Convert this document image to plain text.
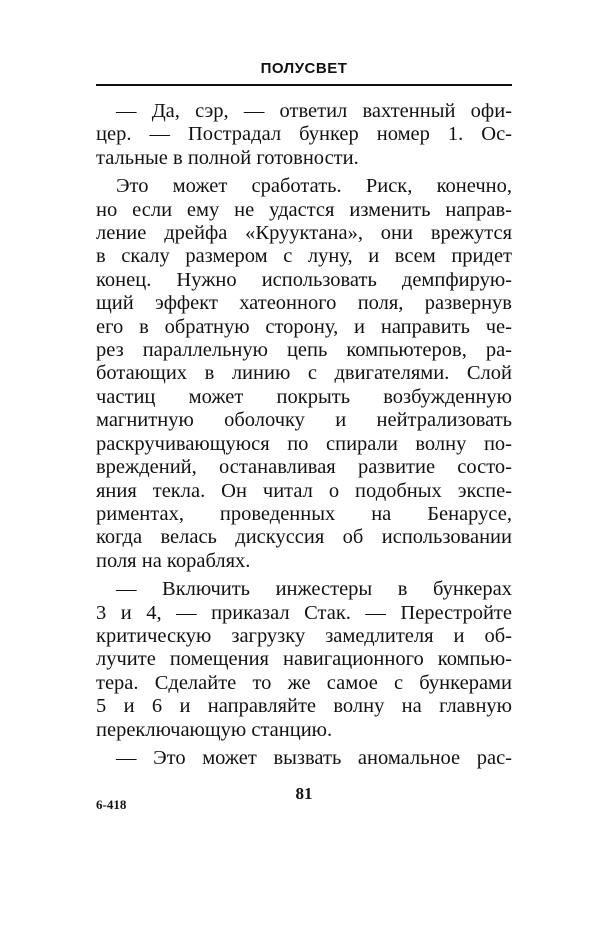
ПОЛУСВЕТ
— Да, сэр, — ответил вахтенный офи-
цер. — Пострадал бункер номер 1. Ос-
тальные в полной готовности.
Это может сработать. Риск, конечно,
но если ему не удастся изменить направ-
ление дрейфа «Крууктана», они врежутся
в скалу размером с луну, и всем придет
конец. Нужно использовать демпфирую-
щий эффект хатеонного поля, развернув
его в обратную сторону, и направить че-
рез параллельную цепь компьютеров, ра-
ботающих в линию с двигателями. Слой
частиц может покрыть возбужденную
магнитную оболочку и нейтрализовать
раскручивающуюся по спирали волну по-
вреждений, останавливая развитие состо-
яния текла. Он читал о подобных экспе-
риментах, проведенных на Бенарусе,
когда велась дискуссия об использовании
поля на кораблях.
— Включить инжестеры в бункерах
3 и 4, — приказал Стак. — Перестройте
критическую загрузку замедлителя и об-
лучите помещения навигационного компью-
тера. Сделайте то же самое с бункерами
5 и 6 и направляйте волну на главную
переключающую станцию.
— Это может вызвать аномальное рас-
81
6-418
